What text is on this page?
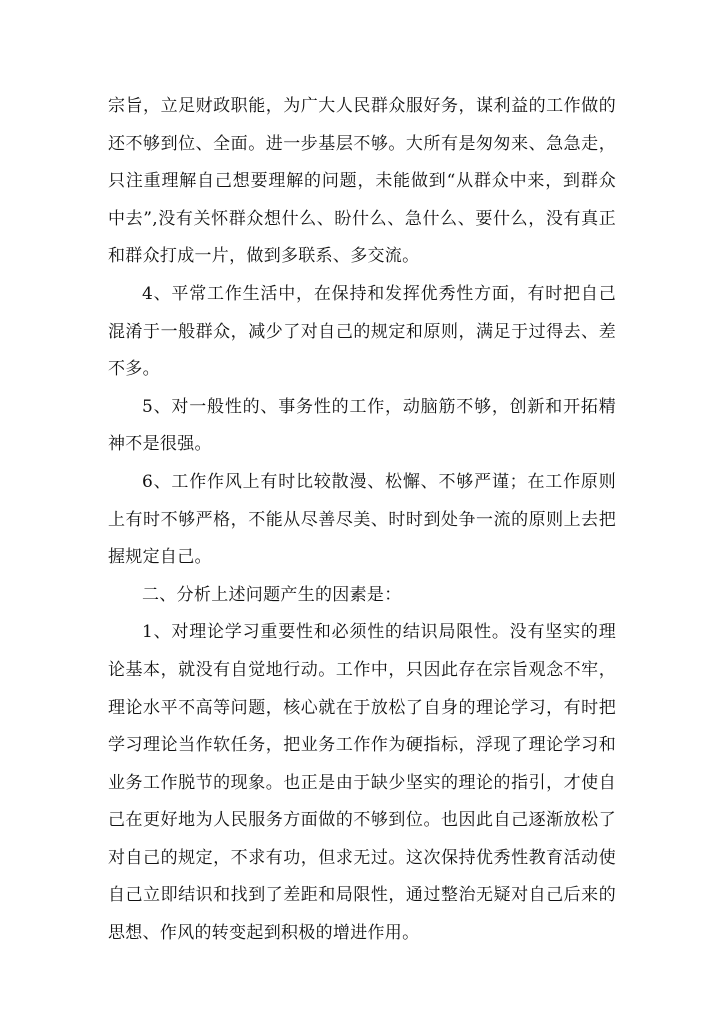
宗旨，立足财政职能，为广大人民群众服好务，谋利益的工作做的还不够到位、全面。进一步基层不够。大所有是匆匆来、急急走，只注重理解自己想要理解的问题，未能做到“从群众中来，到群众中去”,没有关怀群众想什么、盼什么、急什么、要什么，没有真正和群众打成一片，做到多联系、多交流。

4、平常工作生活中，在保持和发挥优秀性方面，有时把自己混淆于一般群众，减少了对自己的规定和原则，满足于过得去、差不多。

5、对一般性的、事务性的工作，动脑筋不够，创新和开拓精神不是很强。

6、工作作风上有时比较散漫、松懈、不够严谨；在工作原则上有时不够严格，不能从尽善尽美、时时到处争一流的原则上去把握规定自己。

二、分析上述问题产生的因素是：

1、对理论学习重要性和必须性的结识局限性。没有坚实的理论基本，就没有自觉地行动。工作中，只因此存在宗旨观念不牢，理论水平不高等问题，核心就在于放松了自身的理论学习，有时把学习理论当作软任务，把业务工作作为硬指标，浮现了理论学习和业务工作脱节的现象。也正是由于缺少坚实的理论的指引，才使自己在更好地为人民服务方面做的不够到位。也因此自己逐渐放松了对自己的规定，不求有功，但求无过。这次保持优秀性教育活动使自己立即结识和找到了差距和局限性，通过整治无疑对自己后来的思想、作风的转变起到积极的增进作用。
